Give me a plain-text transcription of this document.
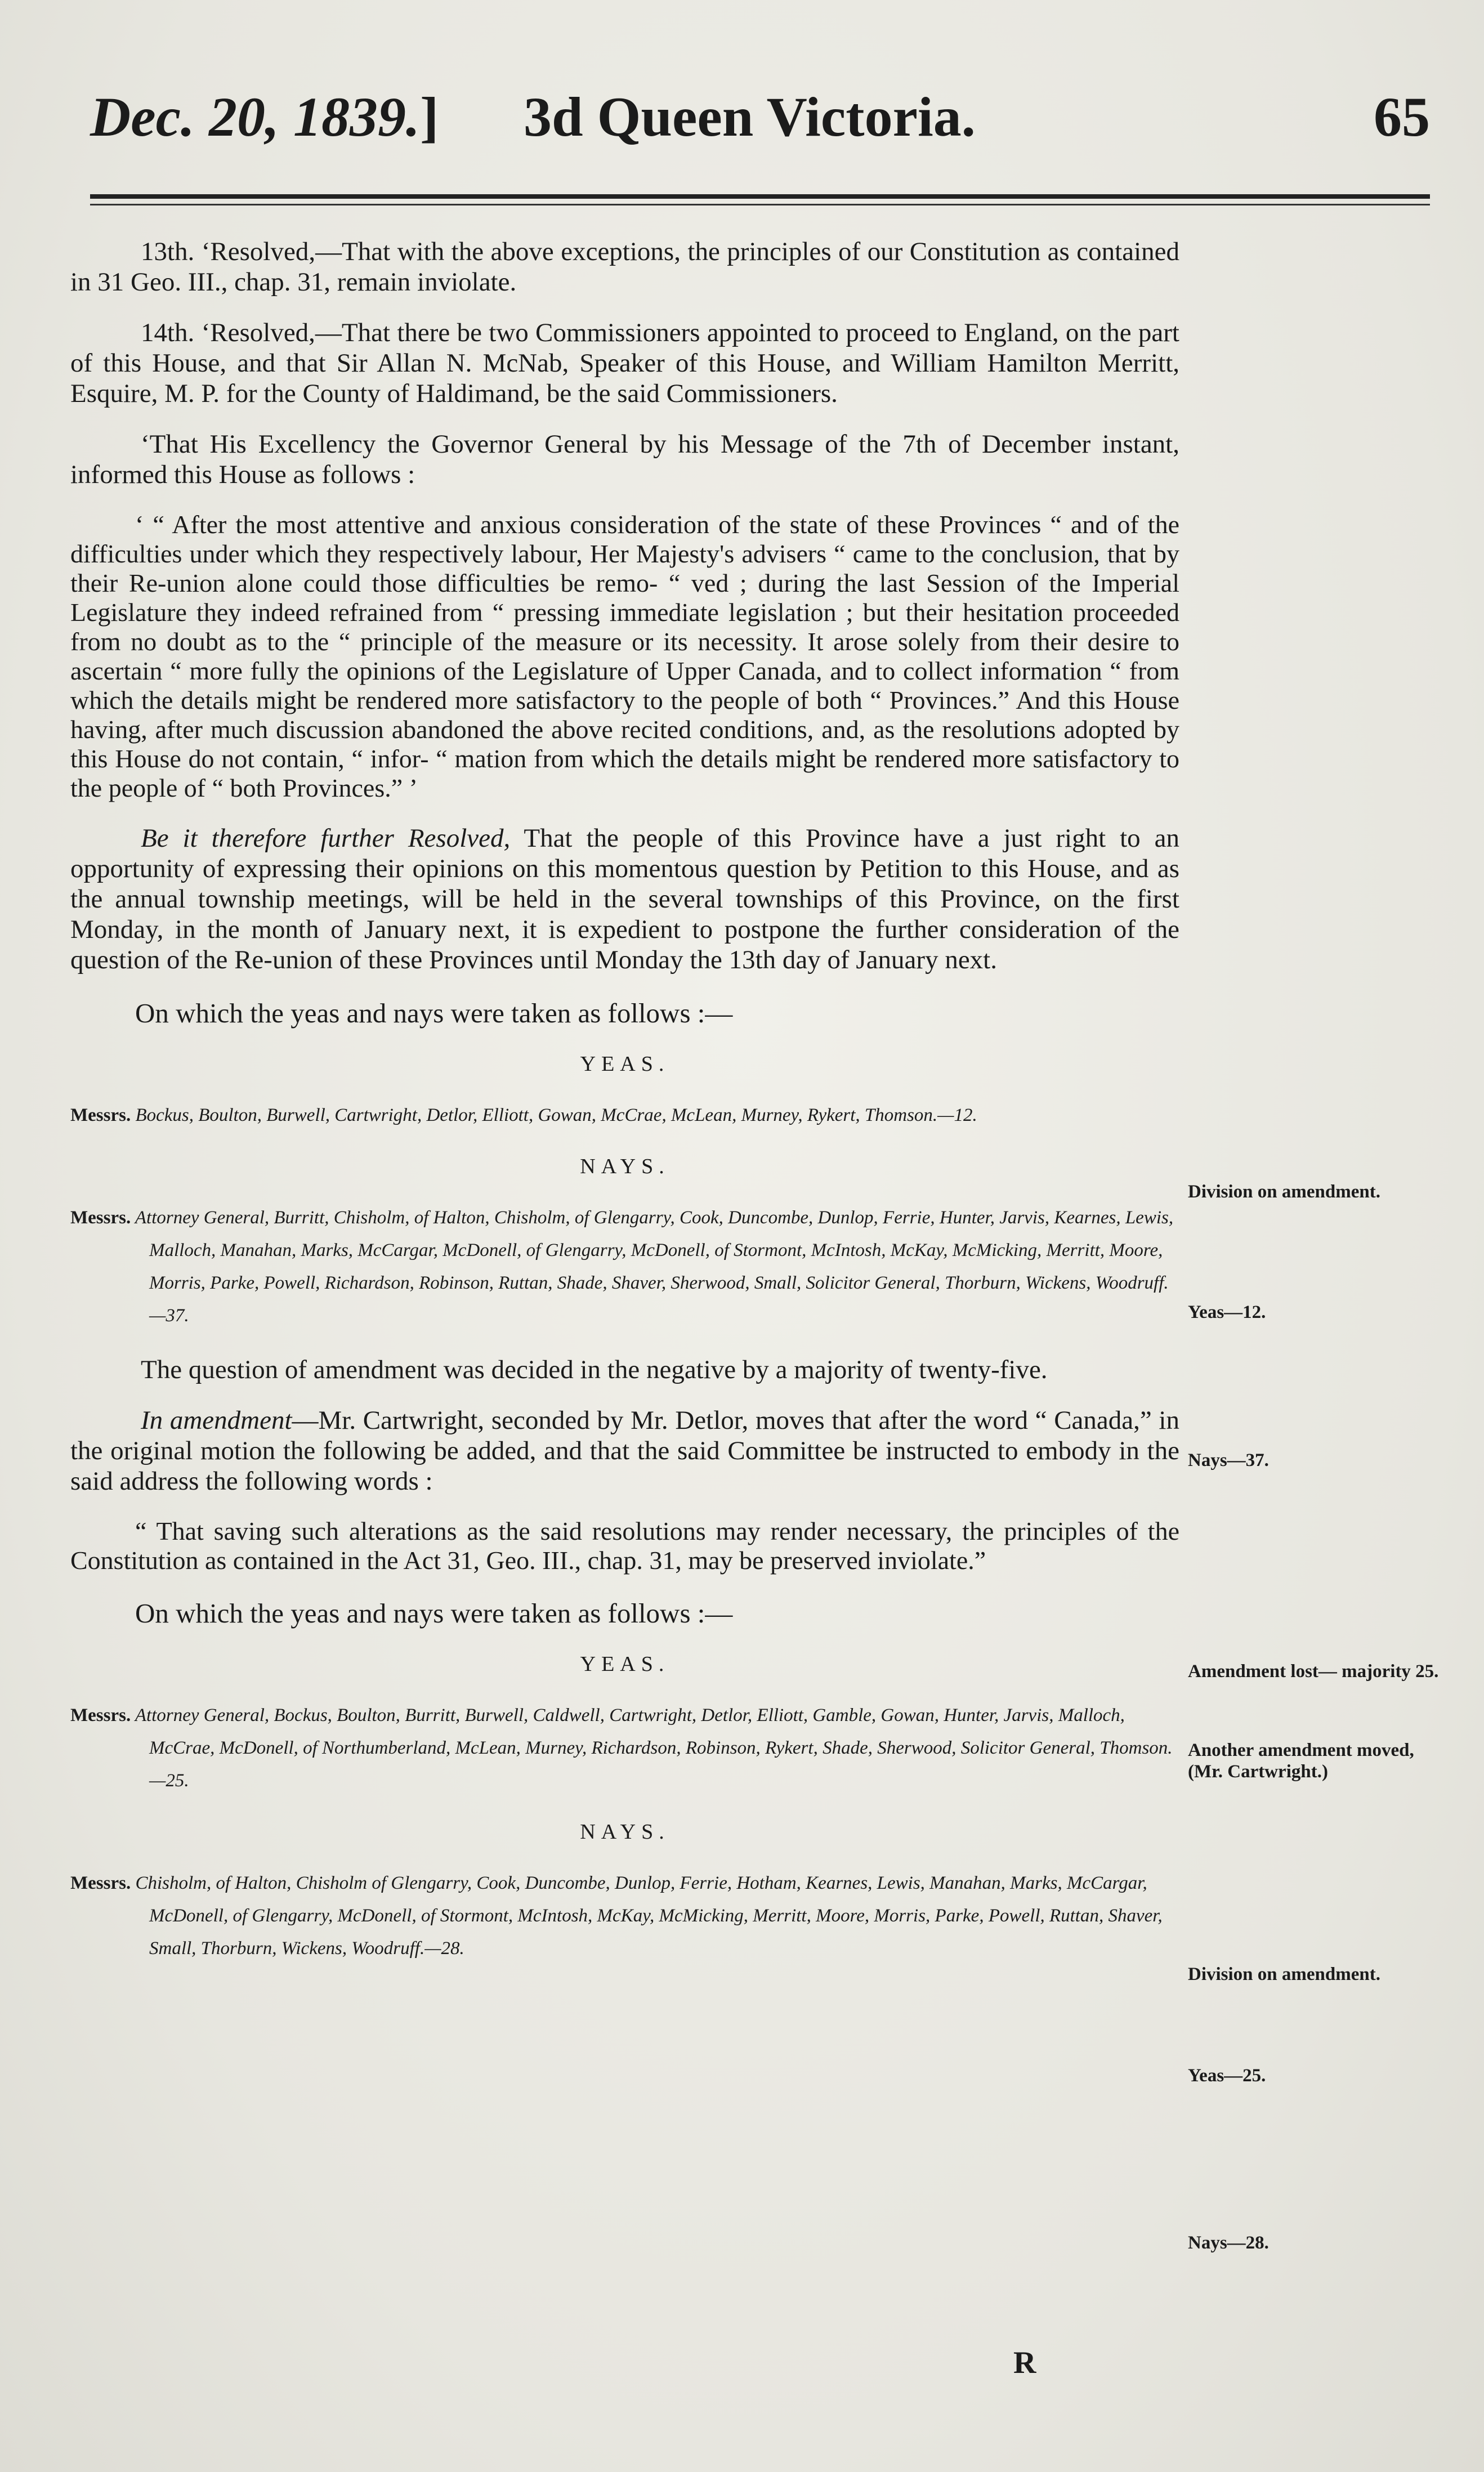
Dec. 20, 1839.] 3d Queen Victoria.	65

13th. ‘Resolved,—That with the above exceptions, the principles of our Constitution as contained in 31 Geo. III., chap. 31, remain inviolate.

14th. ‘Resolved,—That there be two Commissioners appointed to proceed to England, on the part of this House, and that Sir Allan N. McNab, Speaker of this House, and William Hamilton Merritt, Esquire, M. P. for the County of Haldimand, be the said Commissioners.

‘That His Excellency the Governor General by his Message of the 7th of December instant, informed this House as follows :

‘ “ After the most attentive and anxious consideration of the state of these Provinces “ and of the difficulties under which they respectively labour, Her Majesty's advisers “ came to the conclusion, that by their Re-union alone could those difficulties be remo- “ ved ; during the last Session of the Imperial Legislature they indeed refrained from “ pressing immediate legislation ; but their hesitation proceeded from no doubt as to the “ principle of the measure or its necessity. It arose solely from their desire to ascertain “ more fully the opinions of the Legislature of Upper Canada, and to collect information “ from which the details might be rendered more satisfactory to the people of both “ Provinces.” And this House having, after much discussion abandoned the above recited conditions, and, as the resolutions adopted by this House do not contain, “ infor- “ mation from which the details might be rendered more satisfactory to the people of “ both Provinces.” ’

Be it therefore further Resolved, That the people of this Province have a just right to an opportunity of expressing their opinions on this momentous question by Petition to this House, and as the annual township meetings, will be held in the several townships of this Province, on the first Monday, in the month of January next, it is expedient to postpone the further consideration of the question of the Re-union of these Provinces until Monday the 13th day of January next.

On which the yeas and nays were taken as follows :—

YEAS.

Messrs. Bockus, Boulton, Burwell, Cartwright, Detlor, Elliott, Gowan, McCrae, McLean, Murney, Rykert, Thomson.—12.

NAYS.

Messrs. Attorney General, Burritt, Chisholm, of Halton, Chisholm, of Glengarry, Cook, Duncombe, Dunlop, Ferrie, Hunter, Jarvis, Kearnes, Lewis, Malloch, Manahan, Marks, McCargar, McDonell, of Glengarry, McDonell, of Stormont, McIntosh, McKay, McMicking, Merritt, Moore, Morris, Parke, Powell, Richardson, Robinson, Ruttan, Shade, Shaver, Sherwood, Small, Solicitor General, Thorburn, Wickens, Woodruff.—37.

The question of amendment was decided in the negative by a majority of twenty-five.

In amendment—Mr. Cartwright, seconded by Mr. Detlor, moves that after the word “ Canada,” in the original motion the following be added, and that the said Committee be instructed to embody in the said address the following words :

“ That saving such alterations as the said resolutions may render necessary, the principles of the Constitution as contained in the Act 31, Geo. III., chap. 31, may be preserved inviolate.”

On which the yeas and nays were taken as follows :—

YEAS.

Messrs. Attorney General, Bockus, Boulton, Burritt, Burwell, Caldwell, Cartwright, Detlor, Elliott, Gamble, Gowan, Hunter, Jarvis, Malloch, McCrae, McDonell, of Northumberland, McLean, Murney, Richardson, Robinson, Rykert, Shade, Sherwood, Solicitor General, Thomson.—25.

NAYS.

Messrs. Chisholm, of Halton, Chisholm of Glengarry, Cook, Duncombe, Dunlop, Ferrie, Hotham, Kearnes, Lewis, Manahan, Marks, McCargar, McDonell, of Glengarry, McDonell, of Stormont, McIntosh, McKay, McMicking, Merritt, Moore, Morris, Parke, Powell, Ruttan, Shaver, Small, Thorburn, Wickens, Woodruff.—28.

Division on amendment.
Yeas—12.
Nays—37.
Amendment lost— majority 25.
Another amendment moved, (Mr. Cartwright.)
Division on amendment.
Yeas—25.
Nays—28.
R
